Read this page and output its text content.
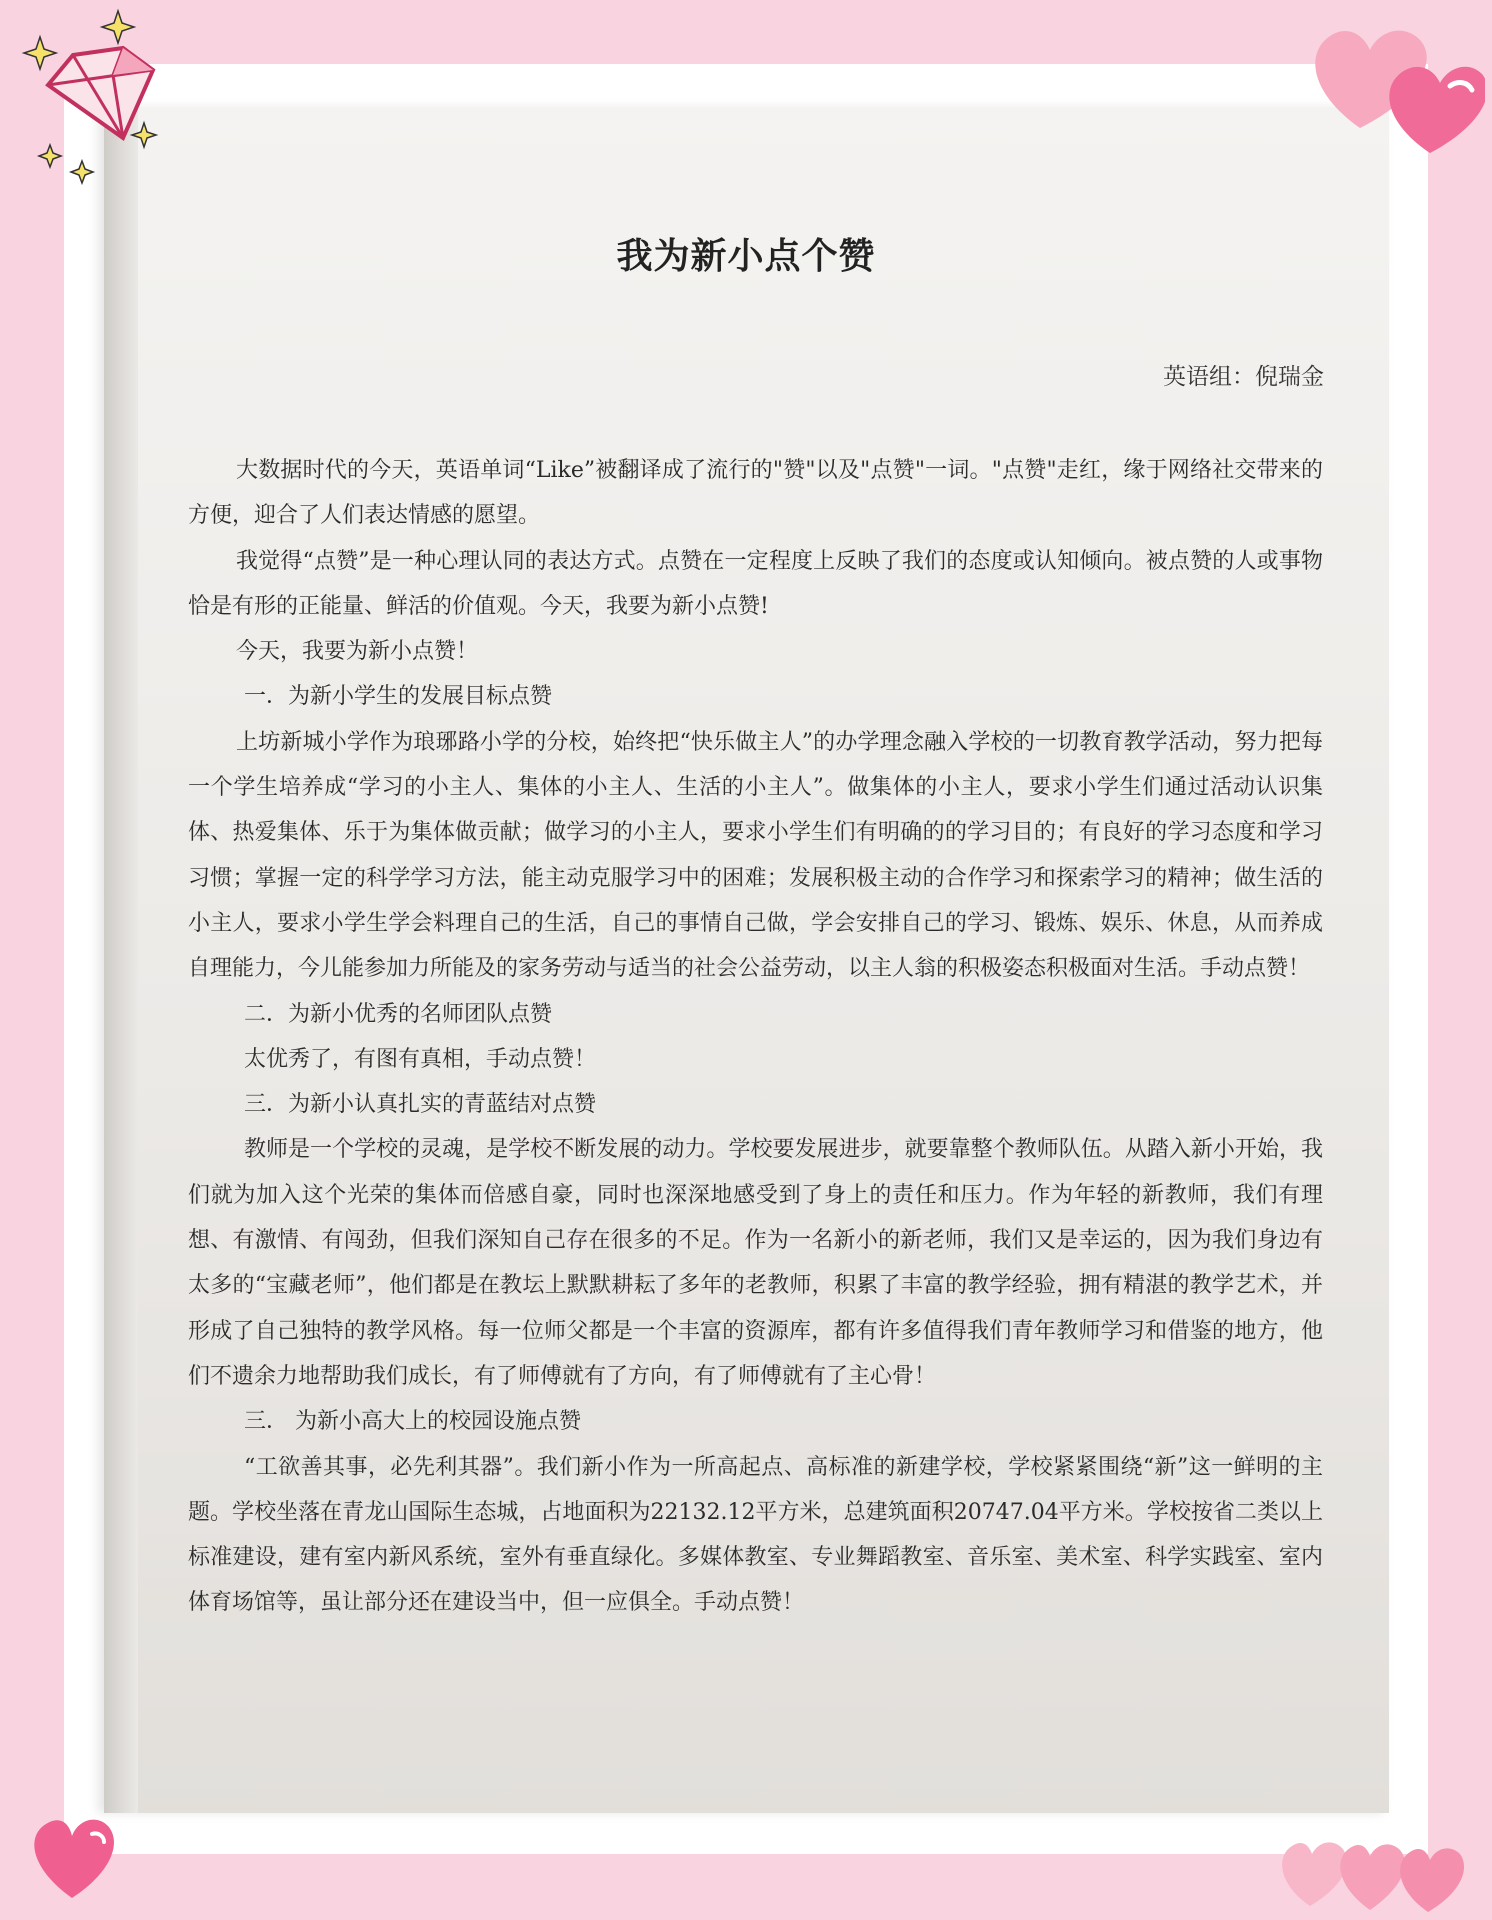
我为新小点个赞
英语组：倪瑞金

大数据时代的今天，英语单词“Like”被翻译成了流行的"赞"以及"点赞"一词。"点赞"走红，缘于网络社交带来的方便，迎合了人们表达情感的愿望。

我觉得“点赞”是一种心理认同的表达方式。点赞在一定程度上反映了我们的态度或认知倾向。被点赞的人或事物恰是有形的正能量、鲜活的价值观。今天，我要为新小点赞!

今天，我要为新小点赞！

一．为新小学生的发展目标点赞

上坊新城小学作为琅琊路小学的分校，始终把“快乐做主人”的办学理念融入学校的一切教育教学活动，努力把每一个学生培养成“学习的小主人、集体的小主人、生活的小主人”。做集体的小主人，要求小学生们通过活动认识集体、热爱集体、乐于为集体做贡献；做学习的小主人，要求小学生们有明确的的学习目的；有良好的学习态度和学习习惯；掌握一定的科学学习方法，能主动克服学习中的困难；发展积极主动的合作学习和探索学习的精神；做生活的小主人，要求小学生学会料理自己的生活，自己的事情自己做，学会安排自己的学习、锻炼、娱乐、休息，从而养成自理能力，今儿能参加力所能及的家务劳动与适当的社会公益劳动，以主人翁的积极姿态积极面对生活。手动点赞！

二．为新小优秀的名师团队点赞

太优秀了，有图有真相，手动点赞！

三．为新小认真扎实的青蓝结对点赞

教师是一个学校的灵魂，是学校不断发展的动力。学校要发展进步，就要靠整个教师队伍。从踏入新小开始，我们就为加入这个光荣的集体而倍感自豪，同时也深深地感受到了身上的责任和压力。作为年轻的新教师，我们有理想、有激情、有闯劲，但我们深知自己存在很多的不足。作为一名新小的新老师，我们又是幸运的，因为我们身边有太多的“宝藏老师”，他们都是在教坛上默默耕耘了多年的老教师，积累了丰富的教学经验，拥有精湛的教学艺术，并形成了自己独特的教学风格。每一位师父都是一个丰富的资源库，都有许多值得我们青年教师学习和借鉴的地方，他们不遗余力地帮助我们成长，有了师傅就有了方向，有了师傅就有了主心骨！

三． 为新小高大上的校园设施点赞

“工欲善其事，必先利其器”。我们新小作为一所高起点、高标准的新建学校，学校紧紧围绕“新”这一鲜明的主题。学校坐落在青龙山国际生态城，占地面积为22132.12平方米，总建筑面积20747.04平方米。学校按省二类以上标准建设，建有室内新风系统，室外有垂直绿化。多媒体教室、专业舞蹈教室、音乐室、美术室、科学实践室、室内体育场馆等，虽让部分还在建设当中，但一应俱全。手动点赞！
